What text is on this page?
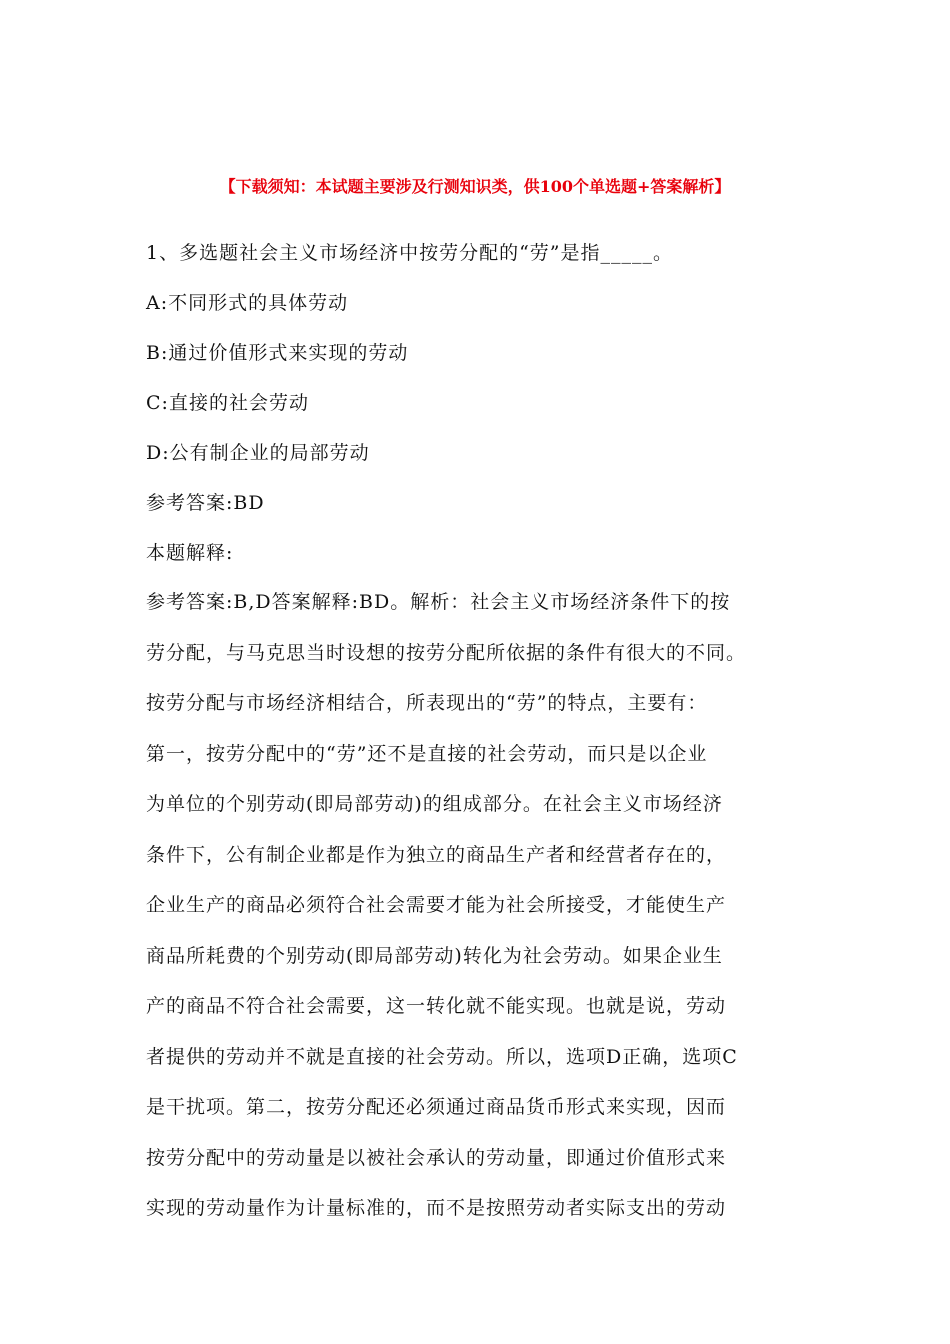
【下载须知：本试题主要涉及行测知识类，供100个单选题+答案解析】
1、多选题社会主义市场经济中按劳分配的“劳”是指_____。
A:不同形式的具体劳动
B:通过价值形式来实现的劳动
C:直接的社会劳动
D:公有制企业的局部劳动
参考答案:BD
本题解释:
参考答案:B,D答案解释:BD。解析：社会主义市场经济条件下的按
劳分配，与马克思当时设想的按劳分配所依据的条件有很大的不同。
按劳分配与市场经济相结合，所表现出的“劳”的特点，主要有：
第一，按劳分配中的“劳”还不是直接的社会劳动，而只是以企业
为单位的个别劳动(即局部劳动)的组成部分。在社会主义市场经济
条件下，公有制企业都是作为独立的商品生产者和经营者存在的，
企业生产的商品必须符合社会需要才能为社会所接受，才能使生产
商品所耗费的个别劳动(即局部劳动)转化为社会劳动。如果企业生
产的商品不符合社会需要，这一转化就不能实现。也就是说，劳动
者提供的劳动并不就是直接的社会劳动。所以，选项D正确，选项C
是干扰项。第二，按劳分配还必须通过商品货币形式来实现，因而
按劳分配中的劳动量是以被社会承认的劳动量，即通过价值形式来
实现的劳动量作为计量标准的，而不是按照劳动者实际支出的劳动
